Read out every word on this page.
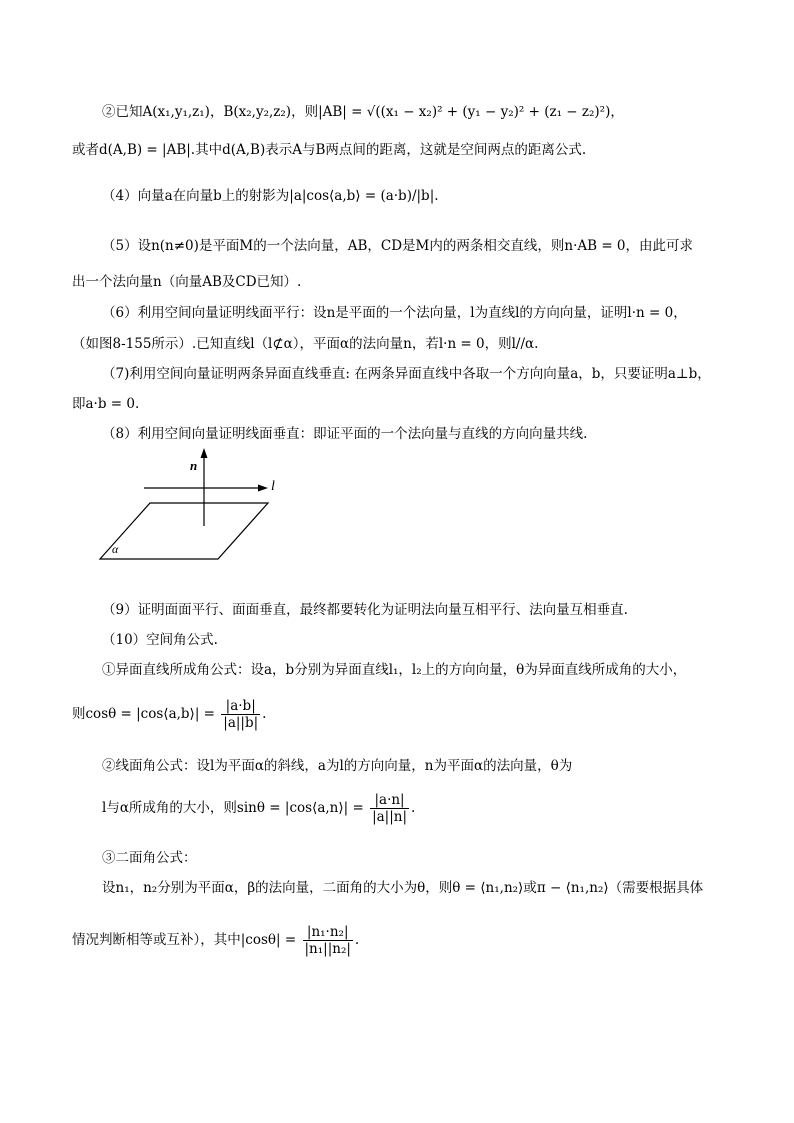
②已知A(x₁,y₁,z₁)，B(x₂,y₂,z₂)，则|AB| = √((x₁ − x₂)² + (y₁ − y₂)² + (z₁ − z₂)²)，
或者d(A,B) = |AB|.其中d(A,B)表示A与B两点间的距离，这就是空间两点的距离公式.
（4）向量a在向量b上的射影为|a|cos⟨a,b⟩ = (a·b)/|b|.
（5）设n(n≠0)是平面M的一个法向量，AB，CD是M内的两条相交直线，则n·AB = 0，由此可求
出一个法向量n（向量AB及CD已知）.
（6）利用空间向量证明线面平行：设n是平面的一个法向量，l为直线l的方向向量，证明l·n = 0，
（如图8-155所示）.已知直线l（l⊄α），平面α的法向量n，若l·n = 0，则l//α.
（7)利用空间向量证明两条异面直线垂直: 在两条异面直线中各取一个方向向量a，b，只要证明a⊥b，
即a·b = 0.
（8）利用空间向量证明线面垂直：即证平面的一个法向量与直线的方向向量共线.
n
l
α
（9）证明面面平行、面面垂直，最终都要转化为证明法向量互相平行、法向量互相垂直.
（10）空间角公式.
①异面直线所成角公式：设a，b分别为异面直线l₁，l₂上的方向向量，θ为异面直线所成角的大小，
则cosθ = |cos⟨a,b⟩| = $\frac{|a\cdot b|}{|a||b|}$ .
②线面角公式：设l为平面α的斜线，a为l的方向向量，n为平面α的法向量，θ为
l与α所成角的大小，则sinθ = |cos⟨a,n⟩| = $\frac{|a\cdot n|}{|a||n|}$ .
③二面角公式：
设n₁，n₂分别为平面α，β的法向量，二面角的大小为θ，则θ = ⟨n₁,n₂⟩或π − ⟨n₁,n₂⟩（需要根据具体
情况判断相等或互补），其中$|\cos\theta| = \frac{\text{|n₁·n₂|}}{\text{|n₁||n₂|}}$ .
